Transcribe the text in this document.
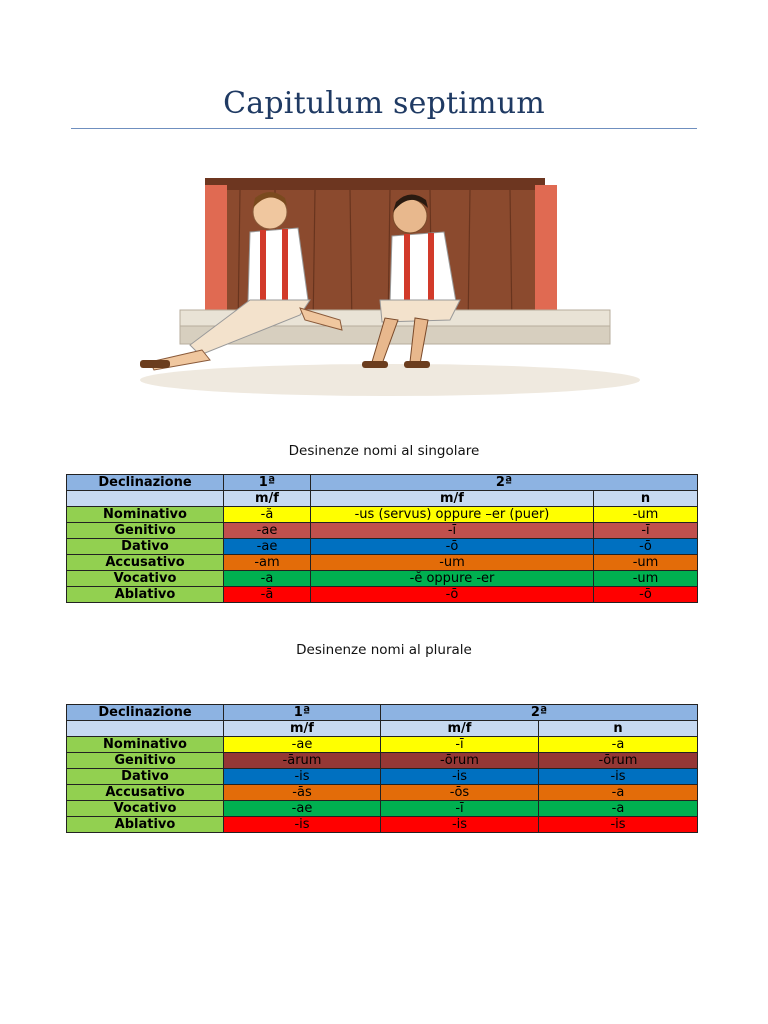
Capitulum septimum
Desinenze nomi al singolare
Declinazione	1ª	2ª	
	m/f	m/f	n
Nominativo	-ă	-us (servus) oppure –er (puer)	-um
Genitivo	-ae	-ī	-ī
Dativo	-ae	-ō	-ō
Accusativo	-am	-um	-um
Vocativo	-a	-ĕ oppure -er	-um
Ablativo	-ā	-ō	-ō
Desinenze nomi al plurale
Declinazione	1ª	2ª	
	m/f	m/f	n
Nominativo	-ae	-ī	-a
Genitivo	-ārum	-ōrum	-ōrum
Dativo	-is	-is	-is
Accusativo	-ās	-ōs	-a
Vocativo	-ae	-ī	-a
Ablativo	-is	-is	-is
